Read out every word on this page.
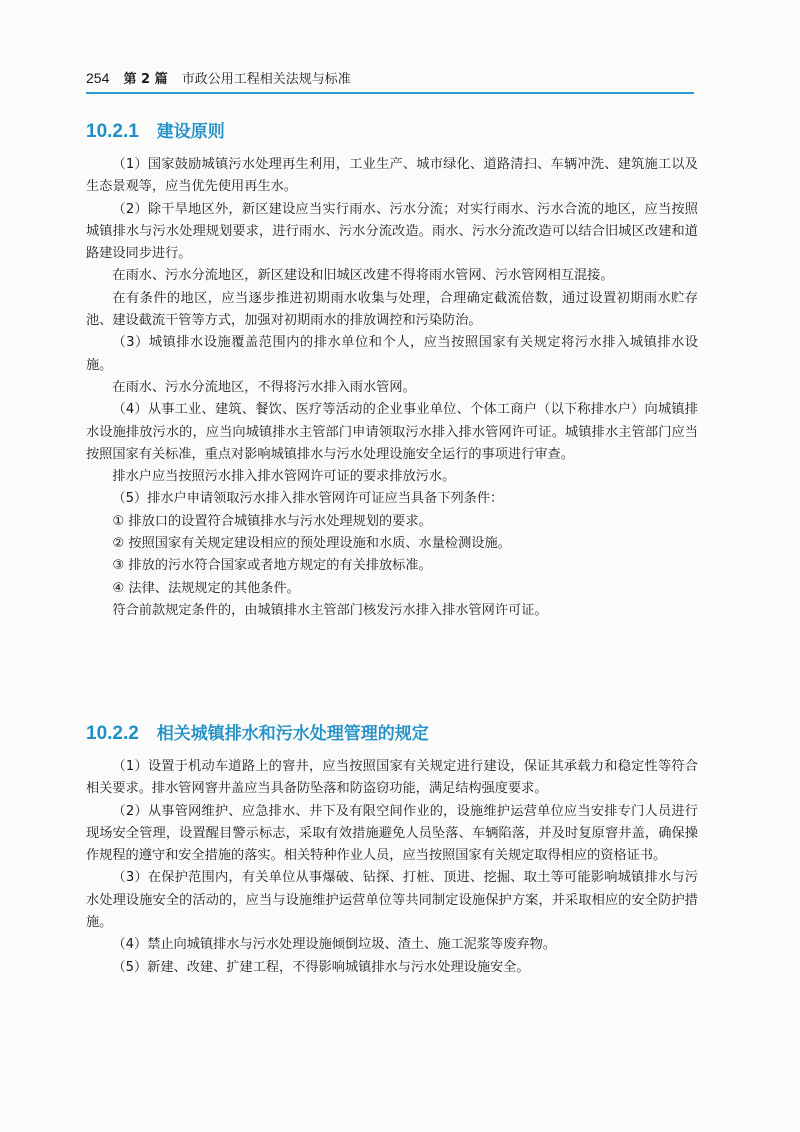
254 第 2 篇 市政公用工程相关法规与标准
10.2.1 建设原则

（1）国家鼓励城镇污水处理再生利用，工业生产、城市绿化、道路清扫、车辆冲洗、建筑施工以及生态景观等，应当优先使用再生水。

（2）除干旱地区外，新区建设应当实行雨水、污水分流；对实行雨水、污水合流的地区，应当按照城镇排水与污水处理规划要求，进行雨水、污水分流改造。雨水、污水分流改造可以结合旧城区改建和道路建设同步进行。

在雨水、污水分流地区，新区建设和旧城区改建不得将雨水管网、污水管网相互混接。

在有条件的地区，应当逐步推进初期雨水收集与处理，合理确定截流倍数，通过设置初期雨水贮存池、建设截流干管等方式，加强对初期雨水的排放调控和污染防治。

（3）城镇排水设施覆盖范围内的排水单位和个人，应当按照国家有关规定将污水排入城镇排水设施。

在雨水、污水分流地区，不得将污水排入雨水管网。

（4）从事工业、建筑、餐饮、医疗等活动的企业事业单位、个体工商户（以下称排水户）向城镇排水设施排放污水的，应当向城镇排水主管部门申请领取污水排入排水管网许可证。城镇排水主管部门应当按照国家有关标准，重点对影响城镇排水与污水处理设施安全运行的事项进行审查。

排水户应当按照污水排入排水管网许可证的要求排放污水。

（5）排水户申请领取污水排入排水管网许可证应当具备下列条件：

① 排放口的设置符合城镇排水与污水处理规划的要求。

② 按照国家有关规定建设相应的预处理设施和水质、水量检测设施。

③ 排放的污水符合国家或者地方规定的有关排放标准。

④ 法律、法规规定的其他条件。

符合前款规定条件的，由城镇排水主管部门核发污水排入排水管网许可证。

10.2.2 相关城镇排水和污水处理管理的规定

（1）设置于机动车道路上的窨井，应当按照国家有关规定进行建设，保证其承载力和稳定性等符合相关要求。排水管网窨井盖应当具备防坠落和防盗窃功能，满足结构强度要求。

（2）从事管网维护、应急排水、井下及有限空间作业的，设施维护运营单位应当安排专门人员进行现场安全管理，设置醒目警示标志，采取有效措施避免人员坠落、车辆陷落，并及时复原窨井盖，确保操作规程的遵守和安全措施的落实。相关特种作业人员，应当按照国家有关规定取得相应的资格证书。

（3）在保护范围内，有关单位从事爆破、钻探、打桩、顶进、挖掘、取土等可能影响城镇排水与污水处理设施安全的活动的，应当与设施维护运营单位等共同制定设施保护方案，并采取相应的安全防护措施。

（4）禁止向城镇排水与污水处理设施倾倒垃圾、渣土、施工泥浆等废弃物。

（5）新建、改建、扩建工程，不得影响城镇排水与污水处理设施安全。
